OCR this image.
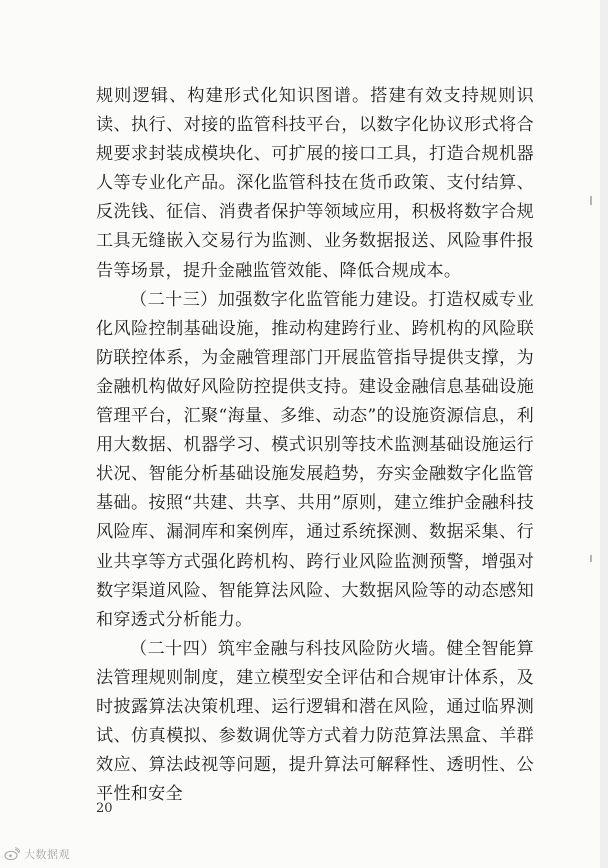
规则逻辑、构建形式化知识图谱。搭建有效支持规则识读、执行、对接的监管科技平台，以数字化协议形式将合规要求封装成模块化、可扩展的接口工具，打造合规机器人等专业化产品。深化监管科技在货币政策、支付结算、反洗钱、征信、消费者保护等领域应用，积极将数字合规工具无缝嵌入交易行为监测、业务数据报送、风险事件报告等场景，提升金融监管效能、降低合规成本。

（二十三）加强数字化监管能力建设。打造权威专业化风险控制基础设施，推动构建跨行业、跨机构的风险联防联控体系，为金融管理部门开展监管指导提供支撑，为金融机构做好风险防控提供支持。建设金融信息基础设施管理平台，汇聚“海量、多维、动态”的设施资源信息，利用大数据、机器学习、模式识别等技术监测基础设施运行状况、智能分析基础设施发展趋势，夯实金融数字化监管基础。按照“共建、共享、共用”原则，建立维护金融科技风险库、漏洞库和案例库，通过系统探测、数据采集、行业共享等方式强化跨机构、跨行业风险监测预警，增强对数字渠道风险、智能算法风险、大数据风险等的动态感知和穿透式分析能力。

（二十四）筑牢金融与科技风险防火墙。健全智能算法管理规则制度，建立模型安全评估和合规审计体系，及时披露算法决策机理、运行逻辑和潜在风险，通过临界测试、仿真模拟、参数调优等方式着力防范算法黑盒、羊群效应、算法歧视等问题，提升算法可解释性、透明性、公平性和安全

20
大数据观
